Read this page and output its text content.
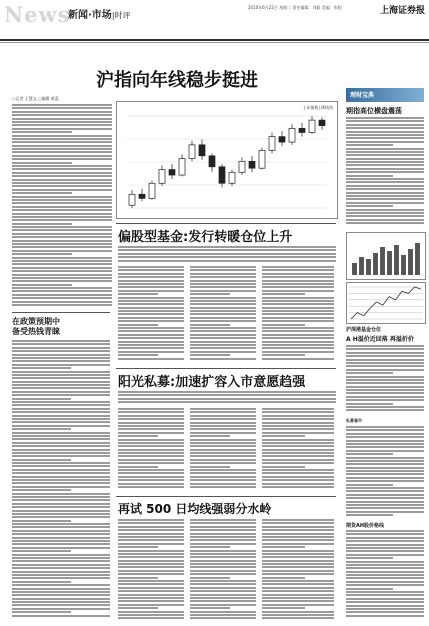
News
新闻·市场|时评
2010年6月22日 星期二 责任编辑：刘毅 美编：张阳	上海证券报
沪指向年线稳步挺进
○记者 王慧文 ○编辑 黄蕊
上证指数日K线图
理财宝典
期指高位横盘震荡
沪深港基金仓位
A H溢价近回落 再溢折价
私募看市
期货AH股价格线
偏股型基金:发行转暖仓位上升
阳光私募:加速扩容入市意愿趋强
在政策预期中
备受热钱青睐
再试 500 日均线强弱分水岭
